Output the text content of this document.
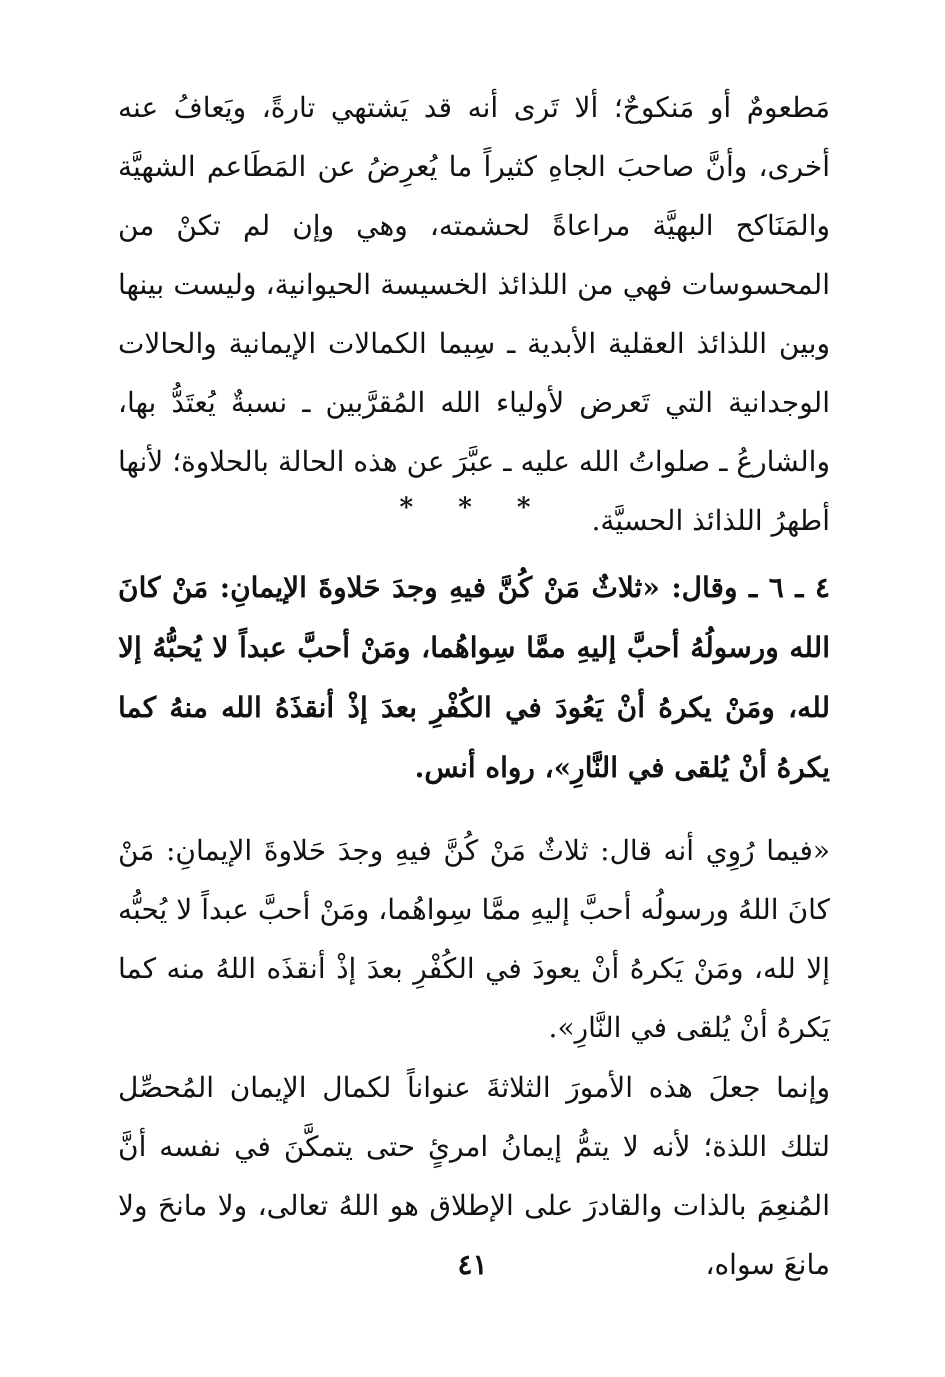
مَطعومٌ أو مَنكوحٌ؛ ألا تَرى أنه قد يَشتهي تارةً، ويَعافُ عنه أخرى، وأنَّ صاحبَ الجاهِ كثيراً ما يُعرِضُ عن المَطَاعم الشهيَّة والمَنَاكح البهيَّة مراعاةً لحشمته، وهي وإن لم تكنْ من المحسوسات فهي من اللذائذ الخسيسة الحيوانية، وليست بينها وبين اللذائذ العقلية الأبدية ـ سِيما الكمالات الإيمانية والحالات الوجدانية التي تَعرض لأولياء الله المُقرَّبين ـ نسبةٌ يُعتَدُّ بها، والشارعُ ـ صلواتُ الله عليه ـ عبَّرَ عن هذه الحالة بالحلاوة؛ لأنها أطهرُ اللذائذ الحسيَّة.

* * *

٤ ـ ٦ ـ وقال: «ثلاثٌ مَنْ كُنَّ فيهِ وجدَ حَلاوةَ الإيمانِ: مَنْ كانَ الله ورسولُهُ أحبَّ إليهِ ممَّا سِواهُما، ومَنْ أحبَّ عبداً لا يُحبُّهُ إلا لله، ومَنْ يكرهُ أنْ يَعُودَ في الكُفْرِ بعدَ إذْ أنقذَهُ الله منهُ كما يكرهُ أنْ يُلقى في النَّارِ»، رواه أنس.

«فيما رُوِي أنه قال: ثلاثٌ مَنْ كُنَّ فيهِ وجدَ حَلاوةَ الإيمانِ: مَنْ كانَ اللهُ ورسولُه أحبَّ إليهِ ممَّا سِواهُما، ومَنْ أحبَّ عبداً لا يُحبُّه إلا لله، ومَنْ يَكرهُ أنْ يعودَ في الكُفْرِ بعدَ إذْ أنقذَه اللهُ منه كما يَكرهُ أنْ يُلقى في النَّارِ».

وإنما جعلَ هذه الأمورَ الثلاثةَ عنواناً لكمال الإيمان المُحصِّل لتلك اللذة؛ لأنه لا يتمُّ إيمانُ امرئٍ حتى يتمكَّنَ في نفسه أنَّ المُنعِمَ بالذات والقادرَ على الإطلاق هو اللهُ تعالى، ولا مانحَ ولا مانعَ سواه،

٤١
